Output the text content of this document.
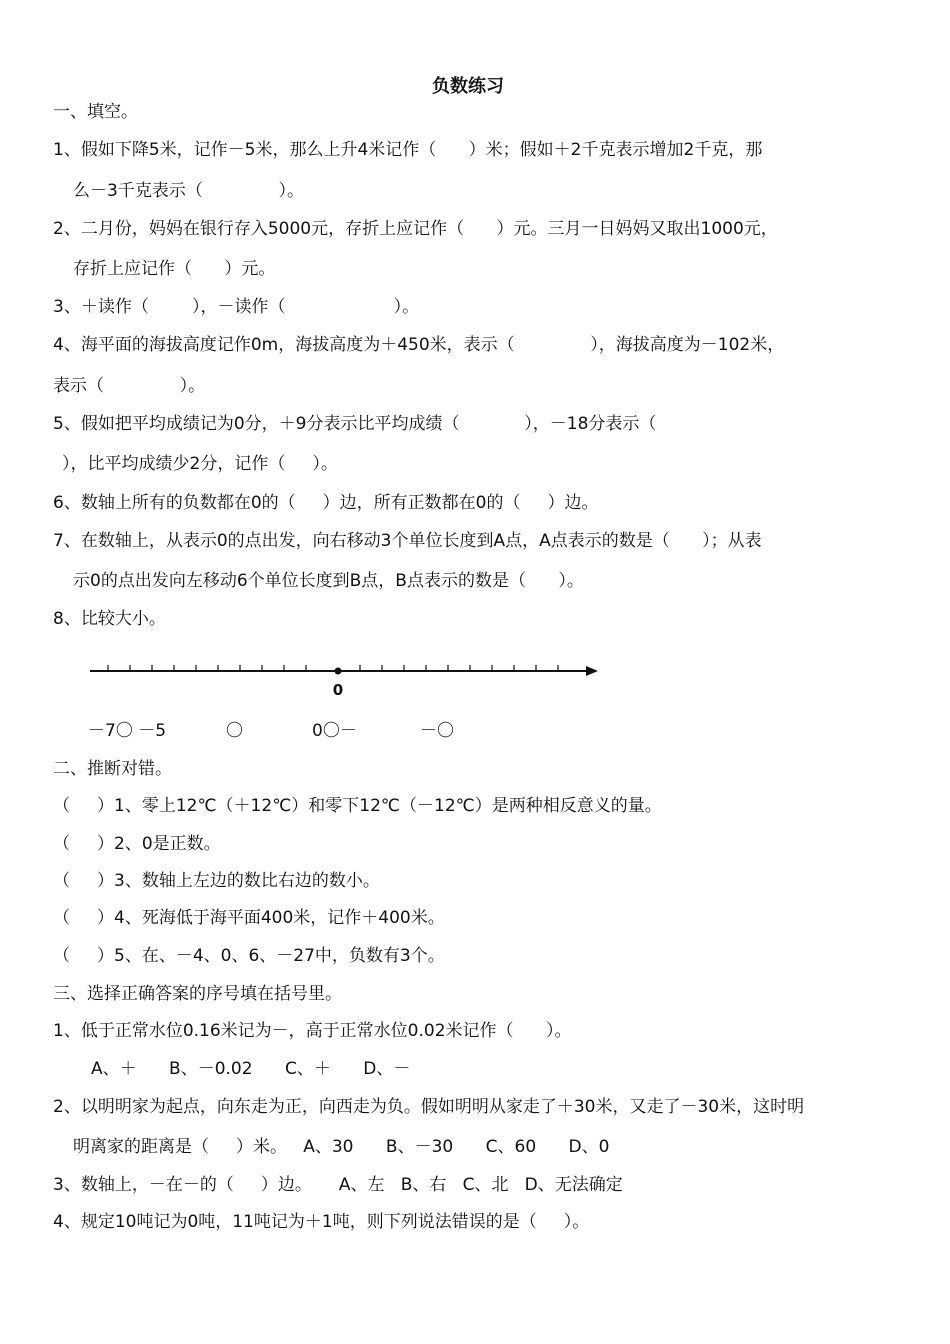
负数练习
一、填空。
1、假如下降5米，记作－5米，那么上升4米记作（      ）米；假如＋2千克表示增加2千克，那
么－3千克表示（              ）。
2、二月份，妈妈在银行存入5000元，存折上应记作（      ）元。三月一日妈妈又取出1000元，
存折上应记作（      ）元。
3、＋读作（        ），－读作（                    ）。
4、海平面的海拔高度记作0m，海拔高度为＋450米，表示（              ），海拔高度为－102米，
表示（              ）。
5、假如把平均成绩记为0分，＋9分表示比平均成绩（            ），－18分表示（
），比平均成绩少2分，记作（     ）。
6、数轴上所有的负数都在0的（     ）边，所有正数都在0的（     ）边。
7、在数轴上，从表示0的点出发，向右移动3个单位长度到A点，A点表示的数是（      ）；从表
示0的点出发向左移动6个单位长度到B点，B点表示的数是（      ）。
8、比较大小。
0
－7〇 －5	〇	0〇－	－〇
二、推断对错。
（     ）1、零上12℃（＋12℃）和零下12℃（－12℃）是两种相反意义的量。
（     ）2、0是正数。
（     ）3、数轴上左边的数比右边的数小。
（     ）4、死海低于海平面400米，记作＋400米。
（     ）5、在、－4、0、6、－27中，负数有3个。
三、选择正确答案的序号填在括号里。
1、低于正常水位0.16米记为－，高于正常水位0.02米记作（      ）。
A、＋      B、－0.02      C、＋      D、－
2、以明明家为起点，向东走为正，向西走为负。假如明明从家走了＋30米，又走了－30米，这时明
明离家的距离是（     ）米。   A、30      B、－30      C、60      D、0
3、数轴上，－在－的（     ）边。     A、左   B、右   C、北   D、无法确定
4、规定10吨记为0吨，11吨记为＋1吨，则下列说法错误的是（     ）。
